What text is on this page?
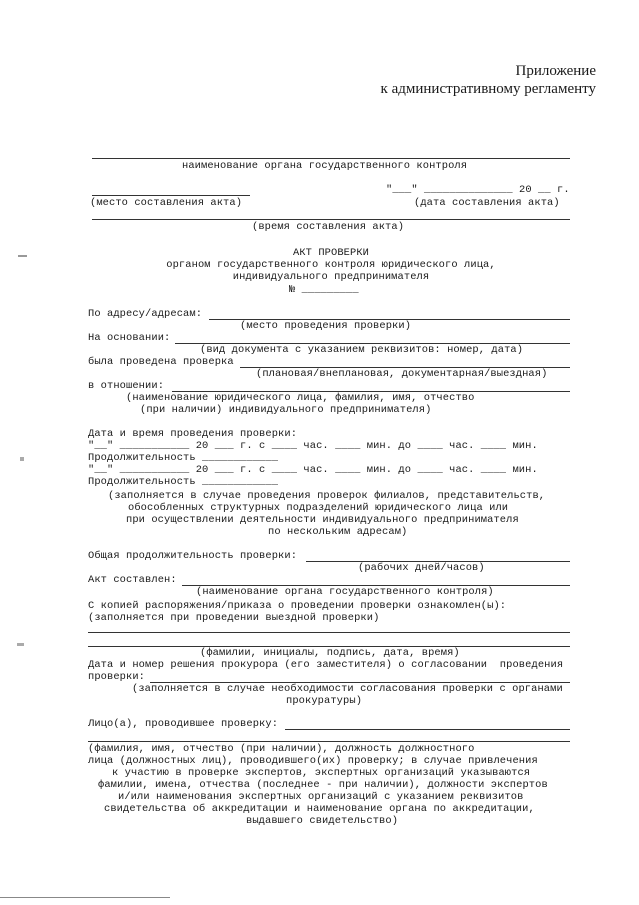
Приложение
к административному регламенту
наименование органа государственного контроля
"___" ______________ 20 __ г.
(место составления акта)	(дата составления акта)
(время составления акта)
АКТ ПРОВЕРКИ
органом государственного контроля юридического лица,
индивидуального предпринимателя
№ _________
По адресу/адресам:
(место проведения проверки)
На основании:
(вид документа с указанием реквизитов: номер, дата)
была проведена проверка
(плановая/внеплановая, документарная/выездная)
в отношении:
(наименование юридического лица, фамилия, имя, отчество
(при наличии) индивидуального предпринимателя)
Дата и время проведения проверки:
"__" ___________ 20 ___ г. с ____ час. ____ мин. до ____ час. ____ мин.
Продолжительность ____________
"__" ___________ 20 ___ г. с ____ час. ____ мин. до ____ час. ____ мин.
Продолжительность ____________
(заполняется в случае проведения проверок филиалов, представительств,
обособленных структурных подразделений юридического лица или
при осуществлении деятельности индивидуального предпринимателя
по нескольким адресам)
Общая продолжительность проверки:
(рабочих дней/часов)
Акт составлен:
(наименование органа государственного контроля)
С копией распоряжения/приказа о проведении проверки ознакомлен(ы):
(заполняется при проведении выездной проверки)
(фамилии, инициалы, подпись, дата, время)
Дата и номер решения прокурора (его заместителя) о согласовании  проведения
проверки:
(заполняется в случае необходимости согласования проверки с органами
прокуратуры)
Лицо(а), проводившее проверку:
(фамилия, имя, отчество (при наличии), должность должностного
лица (должностных лиц), проводившего(их) проверку; в случае привлечения
к участию в проверке экспертов, экспертных организаций указываются
фамилии, имена, отчества (последнее - при наличии), должности экспертов
и/или наименования экспертных организаций с указанием реквизитов
свидетельства об аккредитации и наименование органа по аккредитации,
выдавшего свидетельство)
